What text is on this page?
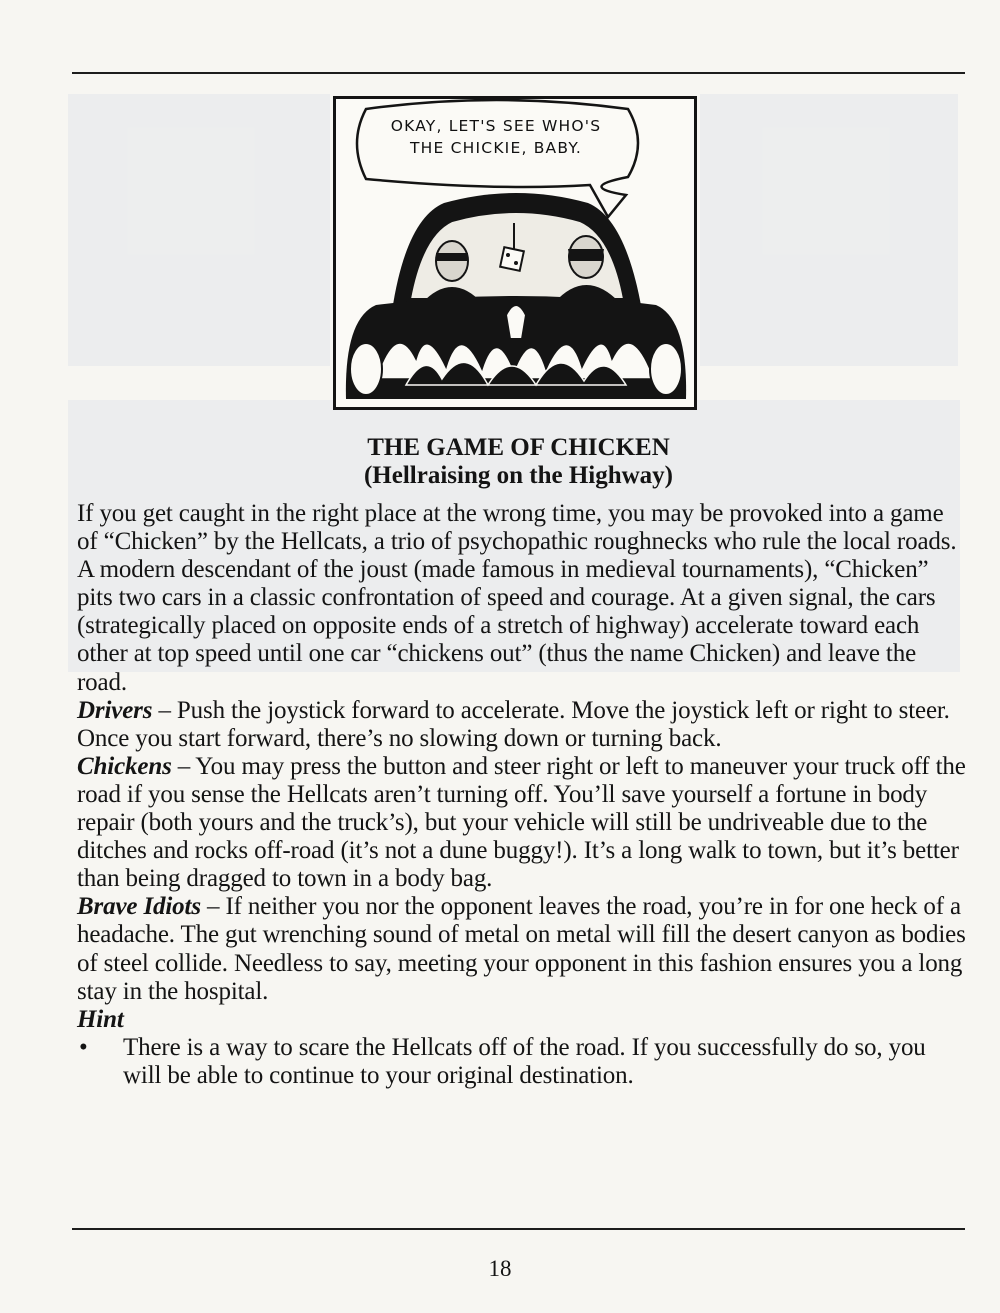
OKAY, LET'S SEE WHO'S
THE CHICKIE, BABY.
THE GAME OF CHICKEN
(Hellraising on the Highway)

If you get caught in the right place at the wrong time, you may be provoked into a game of “Chicken” by the Hellcats, a trio of psychopathic roughnecks who rule the local roads. A modern descendant of the joust (made famous in medieval tournaments), “Chicken” pits two cars in a classic confrontation of speed and courage. At a given signal, the cars (strategically placed on opposite ends of a stretch of highway) accelerate toward each other at top speed until one car “chickens out” (thus the name Chicken) and leave the road.

Drivers – Push the joystick forward to accelerate. Move the joystick left or right to steer. Once you start forward, there’s no slowing down or turning back.

Chickens – You may press the button and steer right or left to maneuver your truck off the road if you sense the Hellcats aren’t turning off. You’ll save yourself a fortune in body repair (both yours and the truck’s), but your vehicle will still be undriveable due to the ditches and rocks off-road (it’s not a dune buggy!). It’s a long walk to town, but it’s better than being dragged to town in a body bag.

Brave Idiots – If neither you nor the opponent leaves the road, you’re in for one heck of a headache. The gut wrenching sound of metal on metal will fill the desert canyon as bodies of steel collide. Needless to say, meeting your opponent in this fashion ensures you a long stay in the hospital.

Hint

• There is a way to scare the Hellcats off of the road. If you successfully do so, you will be able to continue to your original destination.

18
